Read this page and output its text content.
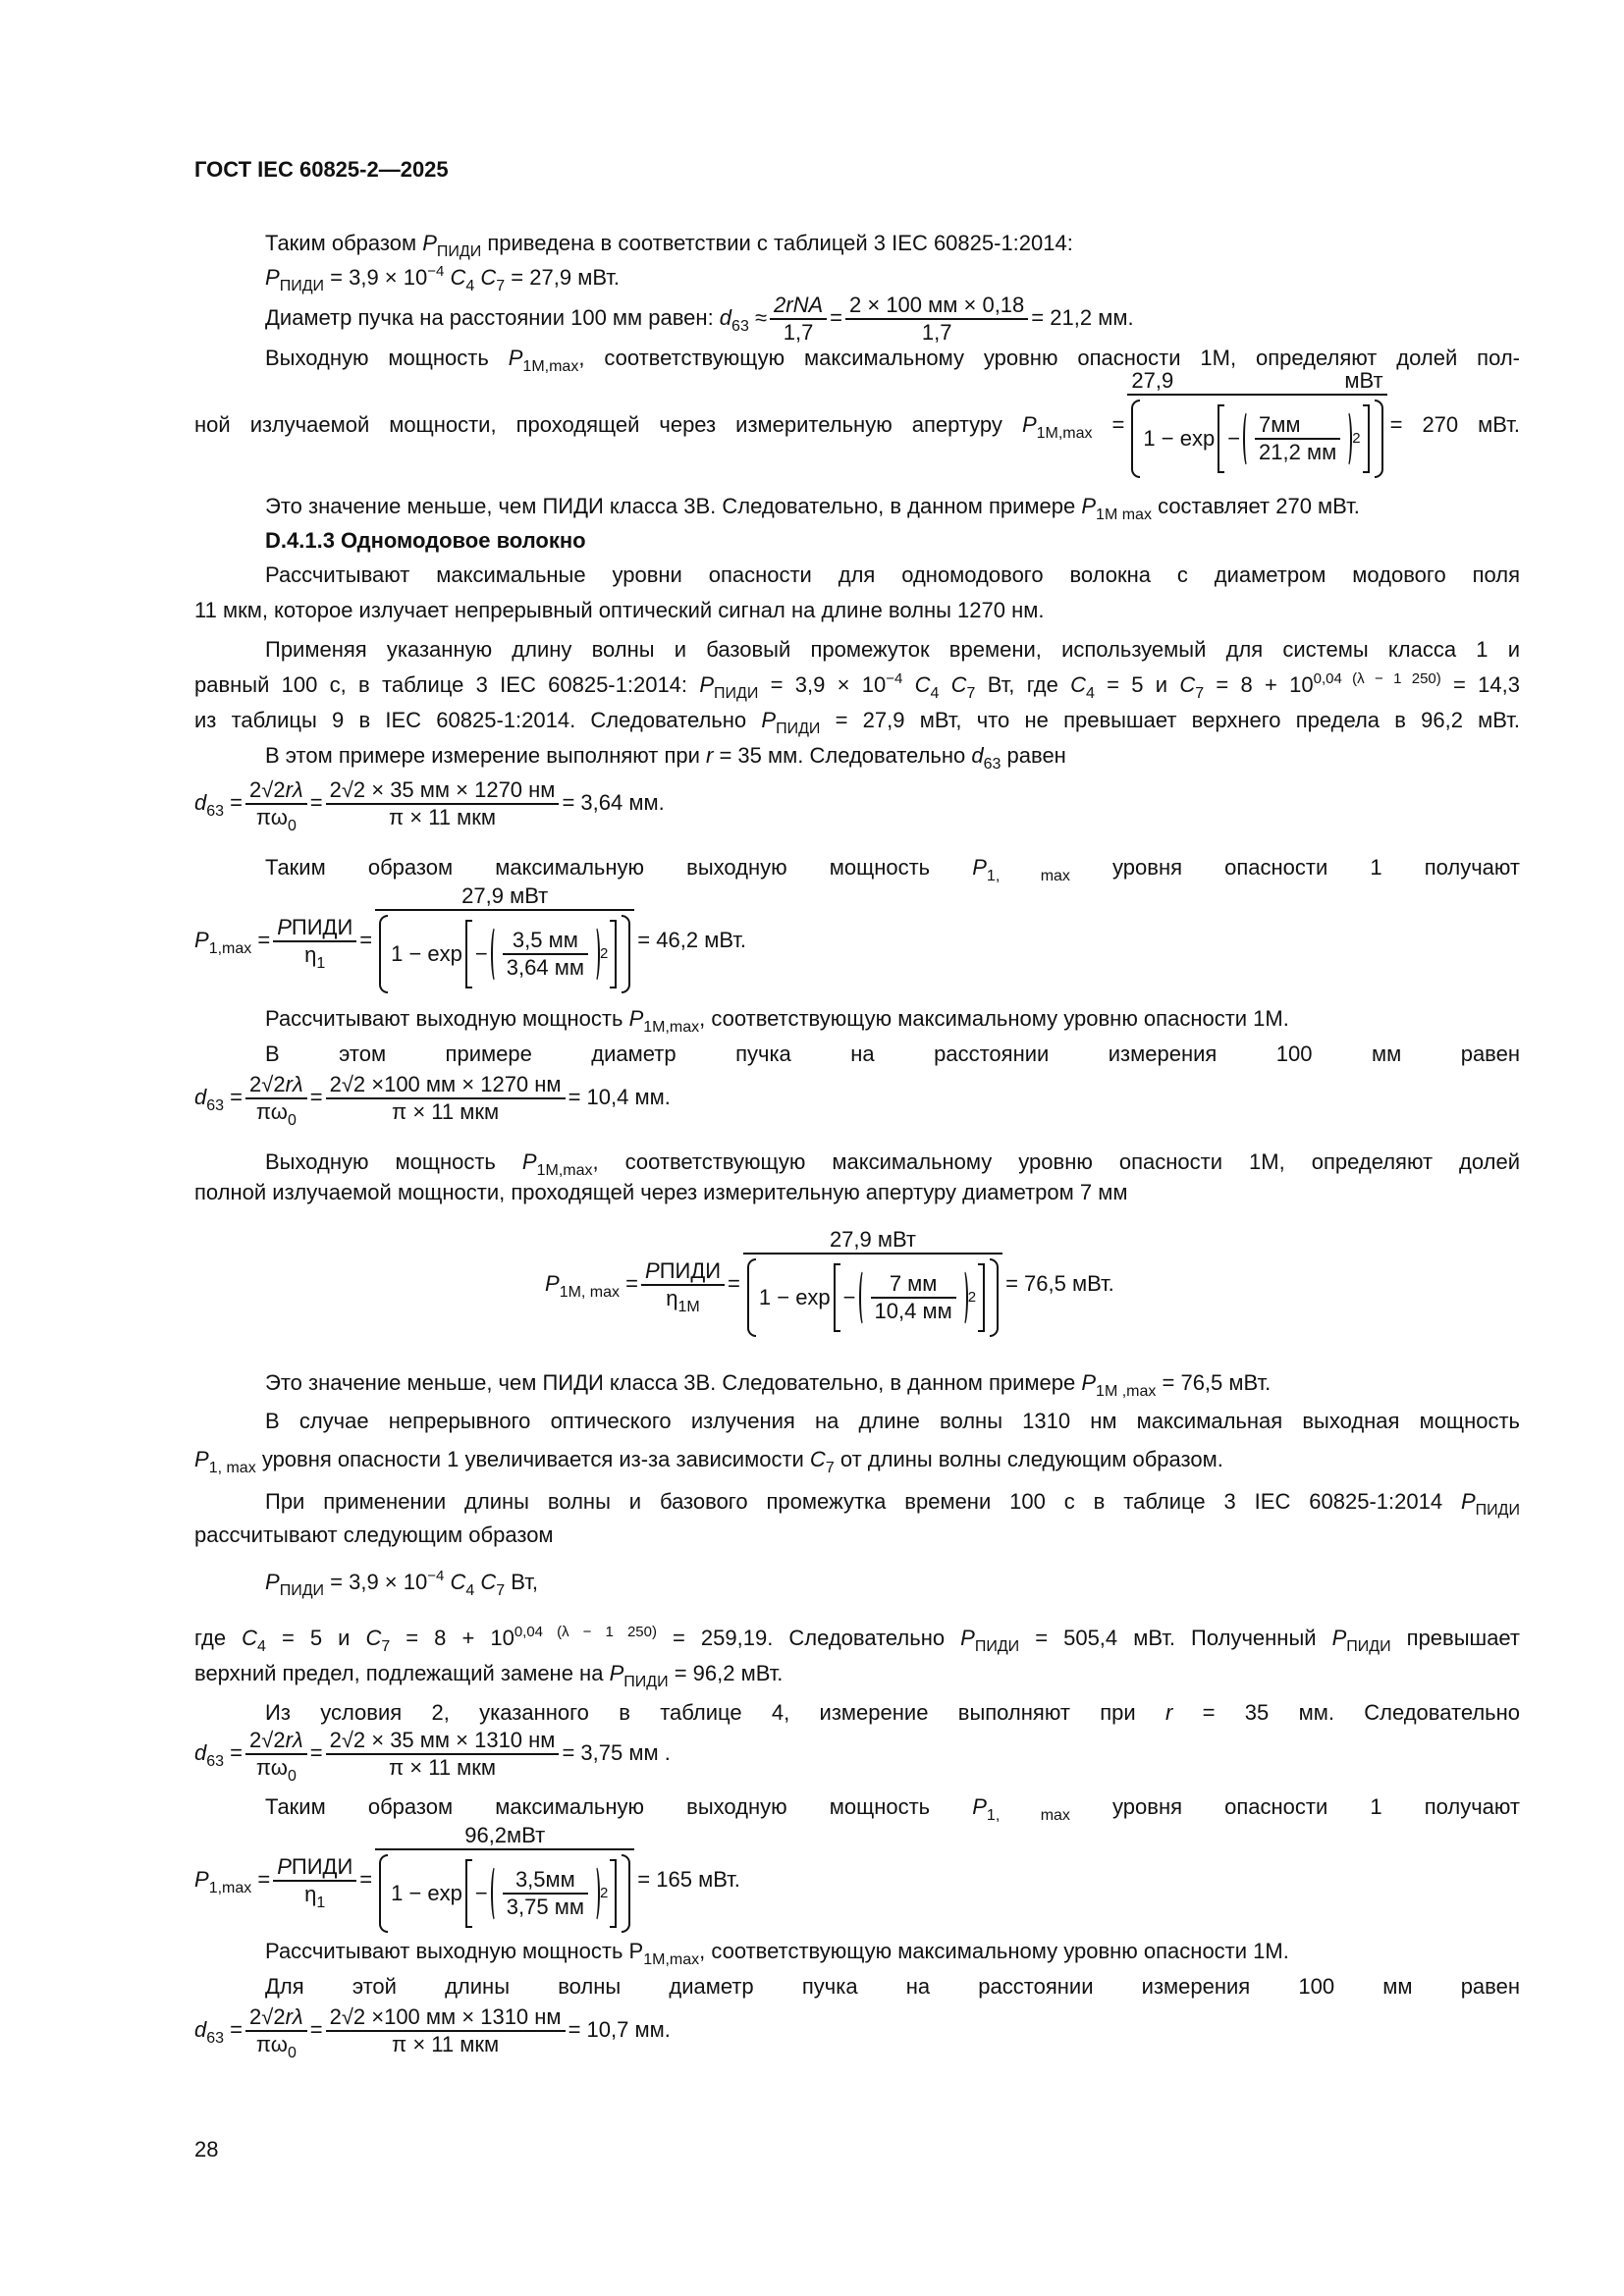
ГОСТ IEC 60825-2—2025
Таким образом $P_{ПИДИ}$ приведена в соответствии с таблицей 3 IEC 60825-1:2014:
$P_{ПИДИ} = 3,9 \times 10^{-4}$ $C_4$ $C_7 = 27,9$ мВт.
Диаметр пучка на расстоянии 100 мм равен: $d_{63} \approx \frac{\text{2rNA}}{1,7} = \frac{2 \times 100 мм \times 0,18}{1,7} = 21,2$ мм.
Выходную мощность $P_{1M,max}$, соответствующую максимальному уровню опасности 1М, определяют долей пол-
ной излучаемой мощности, проходящей через измерительную апертуру $P_{1M,max} = \frac{\text{27,9 мВт}}{1 - \exp - \frac{7мм}{21,2 мм} 2} = 270$ мВт.
Это значение меньше, чем ПИДИ класса 3В. Следовательно, в данном примере $P_{1M max}$ составляет 270 мВт.
D.4.1.3 Одномодовое волокно
Рассчитывают максимальные уровни опасности для одномодового волокна с диаметром модового поля
11 мкм, которое излучает непрерывный оптический сигнал на длине волны 1270 нм.
Применяя указанную длину волны и базовый промежуток времени, используемый для системы класса 1 и
равный 100 с, в таблице 3 IEC 60825-1:2014: $P_{ПИДИ} = 3,9 \times 10^{-4}$ $C_4$ $C_7$ Вт, где $C_4 = 5$ и $C_7 = 8 + 10^{0,04 (\lambda - 1 250)} = 14,3$
из таблицы 9 в IEC 60825-1:2014. Следовательно $P_{ПИДИ} = 27,9$ мВт, что не превышает верхнего предела в 96,2 мВт.
В этом примере измерение выполняют при r = 35 мм. Следовательно $d_{63}$ равен
$d_{63} = \frac{2√2r\lambda}{\pi\omega_0} = \frac{2√2 \times 35 мм \times 1270 нм}{\text{π × 11 мкм}} = 3,64$ мм.
Таким образом максимальную выходную мощность $P_{1, max}$ уровня опасности 1 получают
$P_{1,max} = \frac{\text{PПИДИ}}{\eta_1} = \frac{\text{27,9 мВт}}{1 - \exp - \frac{3,5 мм}{3,64 мм} 2} = 46,2$ мВт.
Рассчитывают выходную мощность $P_{1M,max}$, соответствующую максимальному уровню опасности 1М.
В этом примере диаметр пучка на расстоянии измерения 100 мм равен
$d_{63} = \frac{2√2r\lambda}{\pi\omega_0} = \frac{2√2 \times 100 мм \times 1270 нм}{\text{π × 11 мкм}} = 10,4$ мм.
Выходную мощность $P_{1M,max}$, соответствующую максимальному уровню опасности 1М, определяют долей
полной излучаемой мощности, проходящей через измерительную апертуру диаметром 7 мм
$P_{1M, max} = \frac{\text{PПИДИ}}{\eta_{1M}} = \frac{\text{27,9 мВт}}{1 - \exp - \frac{7 мм}{10,4 мм} 2} = 76,5$ мВт.
Это значение меньше, чем ПИДИ класса 3В. Следовательно, в данном примере $P_{1M ,max} = 76,5$ мВт.
В случае непрерывного оптического излучения на длине волны 1310 нм максимальная выходная мощность
$P_{1, max}$ уровня опасности 1 увеличивается из-за зависимости $C_7$ от длины волны следующим образом.
При применении длины волны и базового промежутка времени 100 с в таблице 3 IEC 60825-1:2014 $P_{ПИДИ}$
рассчитывают следующим образом
$P_{ПИДИ} = 3,9 \times 10^{-4}$ $C_4$ $C_7$ Вт,
где $C_4 = 5$ и $C_7 = 8 + 10^{0,04 (\lambda - 1 250)} = 259,19$. Следовательно $P_{ПИДИ} = 505,4$ мВт. Полученный $P_{ПИДИ}$ превышает
верхний предел, подлежащий замене на $P_{ПИДИ} = 96,2$ мВт.
Из условия 2, указанного в таблице 4, измерение выполняют при r = 35 мм. Следовательно
$d_{63} = \frac{2√2r\lambda}{\pi\omega_0} = \frac{2√2 \times 35 мм \times 1310 нм}{\text{π × 11 мкм}} = 3,75$ мм .
Таким образом максимальную выходную мощность $P_{1, max}$ уровня опасности 1 получают
$P_{1,max} = \frac{\text{PПИДИ}}{\eta_1} = \frac{\text{96,2мВт}}{1 - \exp - \frac{3,5мм}{3,75 мм} 2} = 165$ мВт.
Рассчитывают выходную мощность $P_{1M,max}$, соответствующую максимальному уровню опасности 1М.
Для этой длины волны диаметр пучка на расстоянии измерения 100 мм равен
$d_{63} = \frac{2√2r\lambda}{\pi\omega_0} = \frac{2√2 \times 100 мм \times 1310 нм}{\text{π × 11 мкм}} = 10,7$ мм.
28
